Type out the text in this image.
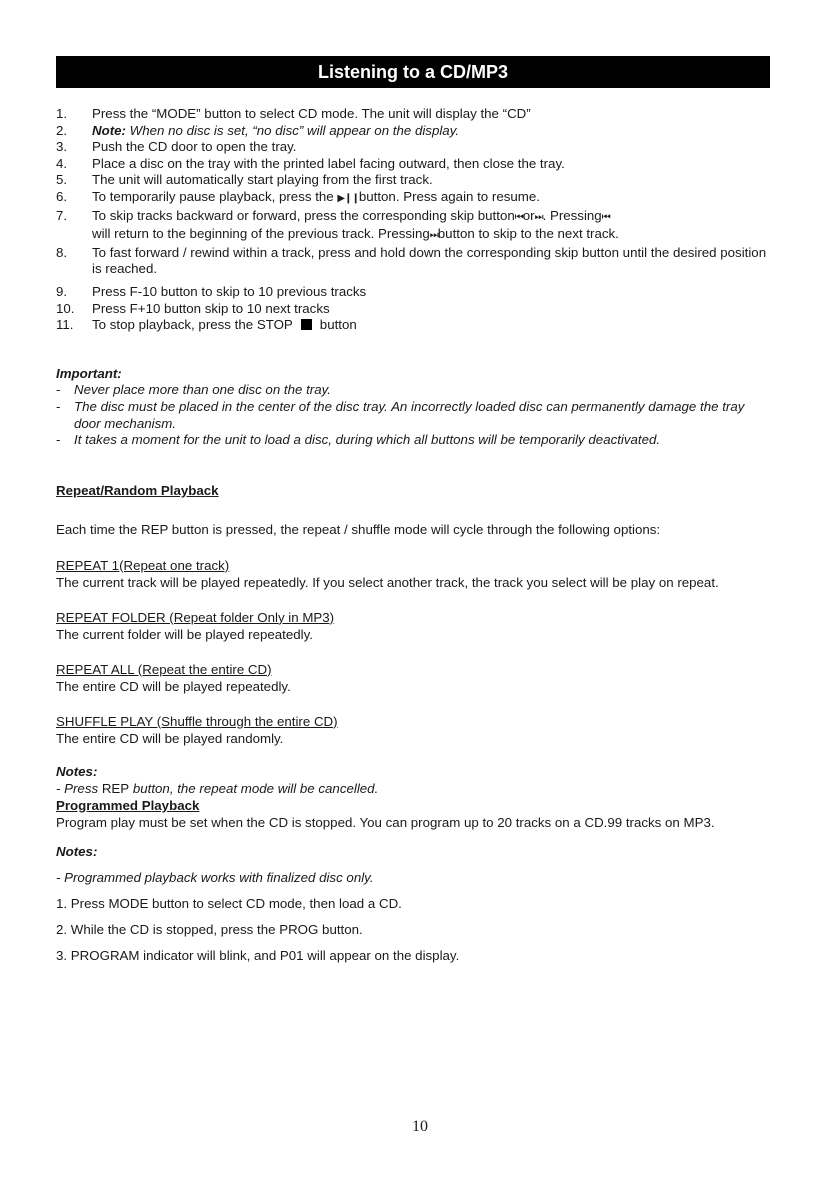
Listening to a CD/MP3
1.	Press the “MODE” button to select CD mode. The unit will display the “CD”
2.	Note: When no disc is set, “no disc” will appear on the display.
3.	Push the CD door to open the tray.
4.	Place a disc on the tray with the printed label facing outward, then close the tray.
5.	The unit will automatically start playing from the first track.
6.	To temporarily pause playback, press the ▶❙❙button. Press again to resume.
7.	To skip tracks backward or forward, press the corresponding skip button⏮or⏭. Pressing⏮
will return to the beginning of the previous track. Pressing⏭button to skip to the next track.
8.	To fast forward / rewind within a track, press and hold down the corresponding skip button until the desired position is reached.
9.	Press F-10 button to skip to 10 previous tracks
10.	Press F+10 button skip to 10 next tracks
11.	To stop playback, press the STOP button
Important:
-	Never place more than one disc on the tray.
-	The disc must be placed in the center of the disc tray. An incorrectly loaded disc can permanently damage the tray door mechanism.
-	It takes a moment for the unit to load a disc, during which all buttons will be temporarily deactivated.
Repeat/Random Playback

Each time the REP button is pressed, the repeat / shuffle mode will cycle through the following options:

REPEAT 1(Repeat one track)
The current track will be played repeatedly. If you select another track, the track you select will be play on repeat.
REPEAT FOLDER (Repeat folder Only in MP3)
The current folder will be played repeatedly.
REPEAT ALL (Repeat the entire CD)
The entire CD will be played repeatedly.
SHUFFLE PLAY (Shuffle through the entire CD)
The entire CD will be played randomly.
Notes:
- Press REP button, the repeat mode will be cancelled.
Programmed Playback
Program play must be set when the CD is stopped. You can program up to 20 tracks on a CD.99 tracks on MP3.
Notes:
- Programmed playback works with finalized disc only.
1. Press MODE button to select CD mode, then load a CD.
2. While the CD is stopped, press the PROG button.
3. PROGRAM indicator will blink, and P01 will appear on the display.
10
